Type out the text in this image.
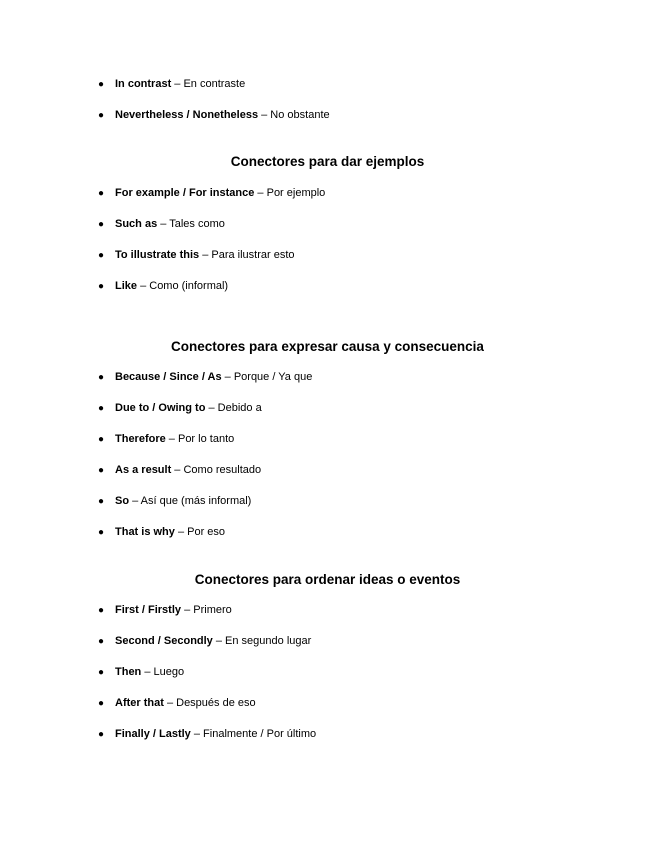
● In contrast – En contraste
● Nevertheless / Nonetheless – No obstante
Conectores para dar ejemplos
● For example / For instance – Por ejemplo
● Such as – Tales como
● To illustrate this – Para ilustrar esto
● Like – Como (informal)
Conectores para expresar causa y consecuencia
● Because / Since / As – Porque / Ya que
● Due to / Owing to – Debido a
● Therefore – Por lo tanto
● As a result – Como resultado
● So – Así que (más informal)
● That is why – Por eso
Conectores para ordenar ideas o eventos
● First / Firstly – Primero
● Second / Secondly – En segundo lugar
● Then – Luego
● After that – Después de eso
● Finally / Lastly – Finalmente / Por último
